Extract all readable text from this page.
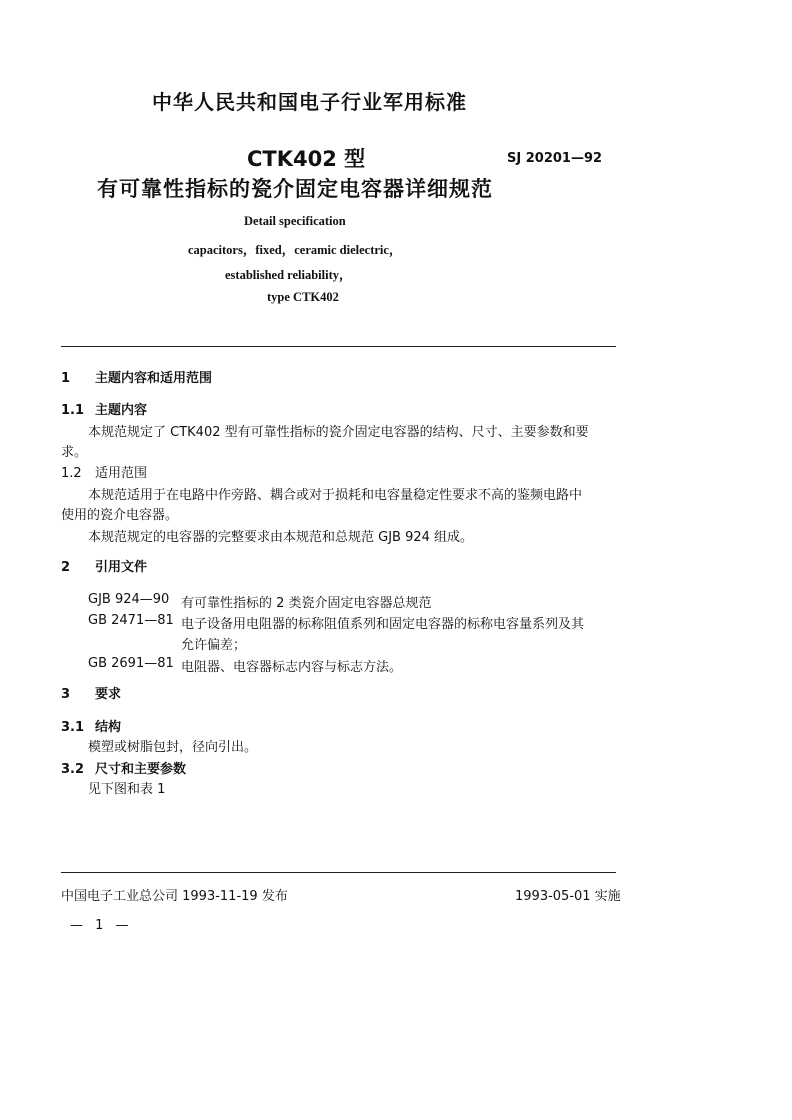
中华人民共和国电子行业军用标准
CTK402 型	SJ 20201—92
有可靠性指标的瓷介固定电容器详细规范
Detail specification
capacitors，fixed，ceramic dielectric，
established reliability，
type CTK402
1 主题内容和适用范围
1.1 主题内容
本规范规定了 CTK402 型有可靠性指标的瓷介固定电容器的结构、尺寸、主要参数和要
求。
1.2 适用范围
本规范适用于在电路中作旁路、耦合或对于损耗和电容量稳定性要求不高的鉴频电路中
使用的瓷介电容器。
本规范规定的电容器的完整要求由本规范和总规范 GJB 924 组成。
2 引用文件
GJB 924—90 有可靠性指标的 2 类瓷介固定电容器总规范
GB 2471—81 电子设备用电阻器的标称阻值系列和固定电容器的标称电容量系列及其
允许偏差；
GB 2691—81 电阻器、电容器标志内容与标志方法。
3 要求
3.1 结构
模塑或树脂包封，径向引出。
3.2 尺寸和主要参数
见下图和表 1
中国电子工业总公司 1993-11-19 发布	1993-05-01 实施
— 1 —
